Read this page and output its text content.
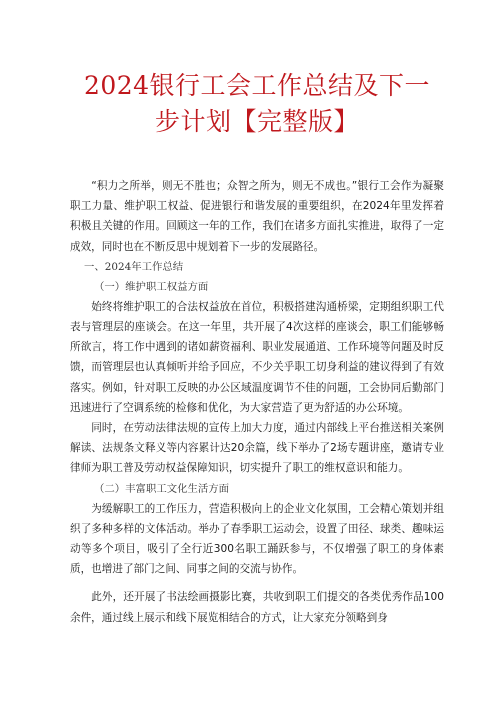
2024银行工会工作总结及下一
步计划【完整版】

“积力之所举，则无不胜也；众智之所为，则无不成也。”银行工会作为凝聚职工力量、维护职工权益、促进银行和谐发展的重要组织，在2024年里发挥着积极且关键的作用。回顾这一年的工作，我们在诸多方面扎实推进，取得了一定成效，同时也在不断反思中规划着下一步的发展路径。

一、2024年工作总结
（一）维护职工权益方面

始终将维护职工的合法权益放在首位，积极搭建沟通桥梁，定期组织职工代表与管理层的座谈会。在这一年里，共开展了4次这样的座谈会，职工们能够畅所欲言，将工作中遇到的诸如薪资福利、职业发展通道、工作环境等问题及时反馈，而管理层也认真倾听并给予回应，不少关乎职工切身利益的建议得到了有效落实。例如，针对职工反映的办公区域温度调节不佳的问题，工会协同后勤部门迅速进行了空调系统的检修和优化，为大家营造了更为舒适的办公环境。

同时，在劳动法律法规的宣传上加大力度，通过内部线上平台推送相关案例解读、法规条文释义等内容累计达20余篇，线下举办了2场专题讲座，邀请专业律师为职工普及劳动权益保障知识，切实提升了职工的维权意识和能力。

（二）丰富职工文化生活方面

为缓解职工的工作压力，营造积极向上的企业文化氛围，工会精心策划并组织了多种多样的文体活动。举办了春季职工运动会，设置了田径、球类、趣味运动等多个项目，吸引了全行近300名职工踊跃参与，不仅增强了职工的身体素质，也增进了部门之间、同事之间的交流与协作。

此外，还开展了书法绘画摄影比赛，共收到职工们提交的各类优秀作品100余件，通过线上展示和线下展览相结合的方式，让大家充分领略到身
